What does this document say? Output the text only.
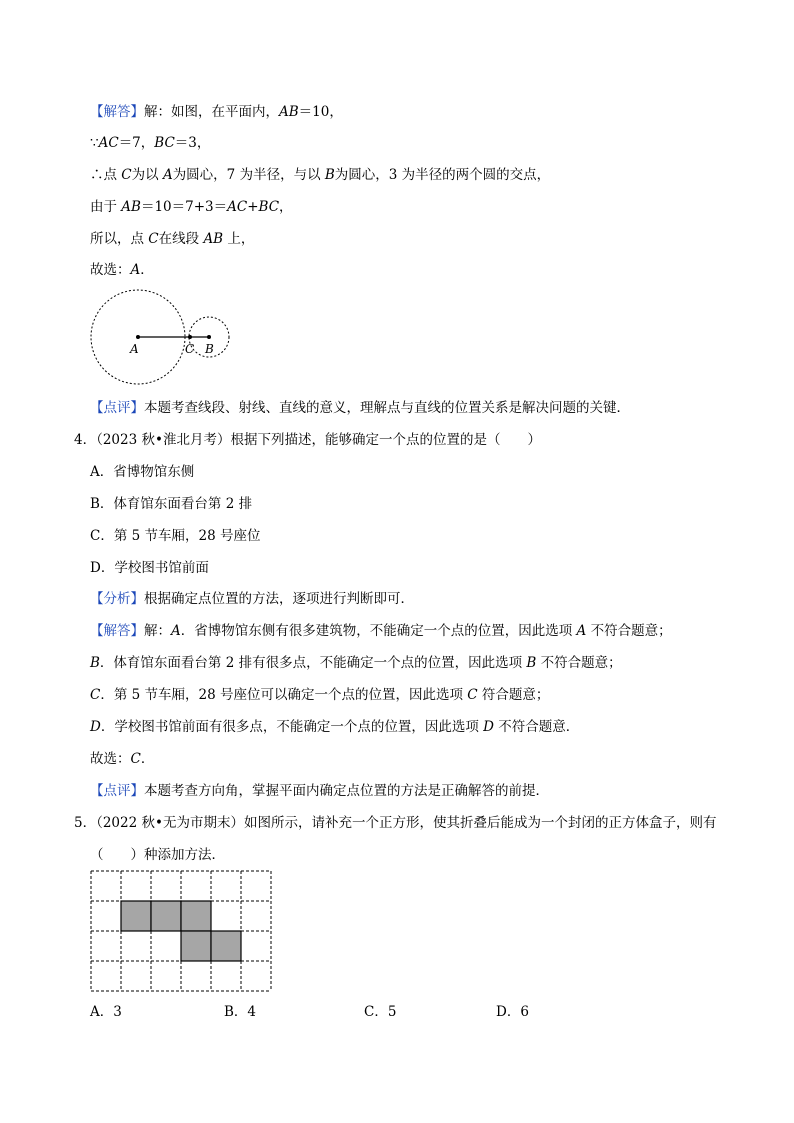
【解答】解：如图，在平面内，AB＝10，
∵AC＝7，BC＝3，
∴点 C为以 A为圆心，7 为半径，与以 B为圆心，3 为半径的两个圆的交点，
由于 AB＝10＝7+3＝AC+BC，
所以，点 C在线段 AB 上，
故选：A．
A	C B
【点评】本题考查线段、射线、直线的意义，理解点与直线的位置关系是解决问题的关键．
4．（2023 秋•淮北月考）根据下列描述，能够确定一个点的位置的是（　　）
A．省博物馆东侧
B．体育馆东面看台第 2 排
C．第 5 节车厢，28 号座位
D．学校图书馆前面
【分析】根据确定点位置的方法，逐项进行判断即可．
【解答】解：A．省博物馆东侧有很多建筑物，不能确定一个点的位置，因此选项 A 不符合题意；
B．体育馆东面看台第 2 排有很多点，不能确定一个点的位置，因此选项 B 不符合题意；
C．第 5 节车厢，28 号座位可以确定一个点的位置，因此选项 C 符合题意；
D．学校图书馆前面有很多点，不能确定一个点的位置，因此选项 D 不符合题意．
故选：C．
【点评】本题考查方向角，掌握平面内确定点位置的方法是正确解答的前提．
5．（2022 秋•无为市期末）如图所示，请补充一个正方形，使其折叠后能成为一个封闭的正方体盒子，则有
（　　）种添加方法．
A．3	B．4	C．5	D．6
